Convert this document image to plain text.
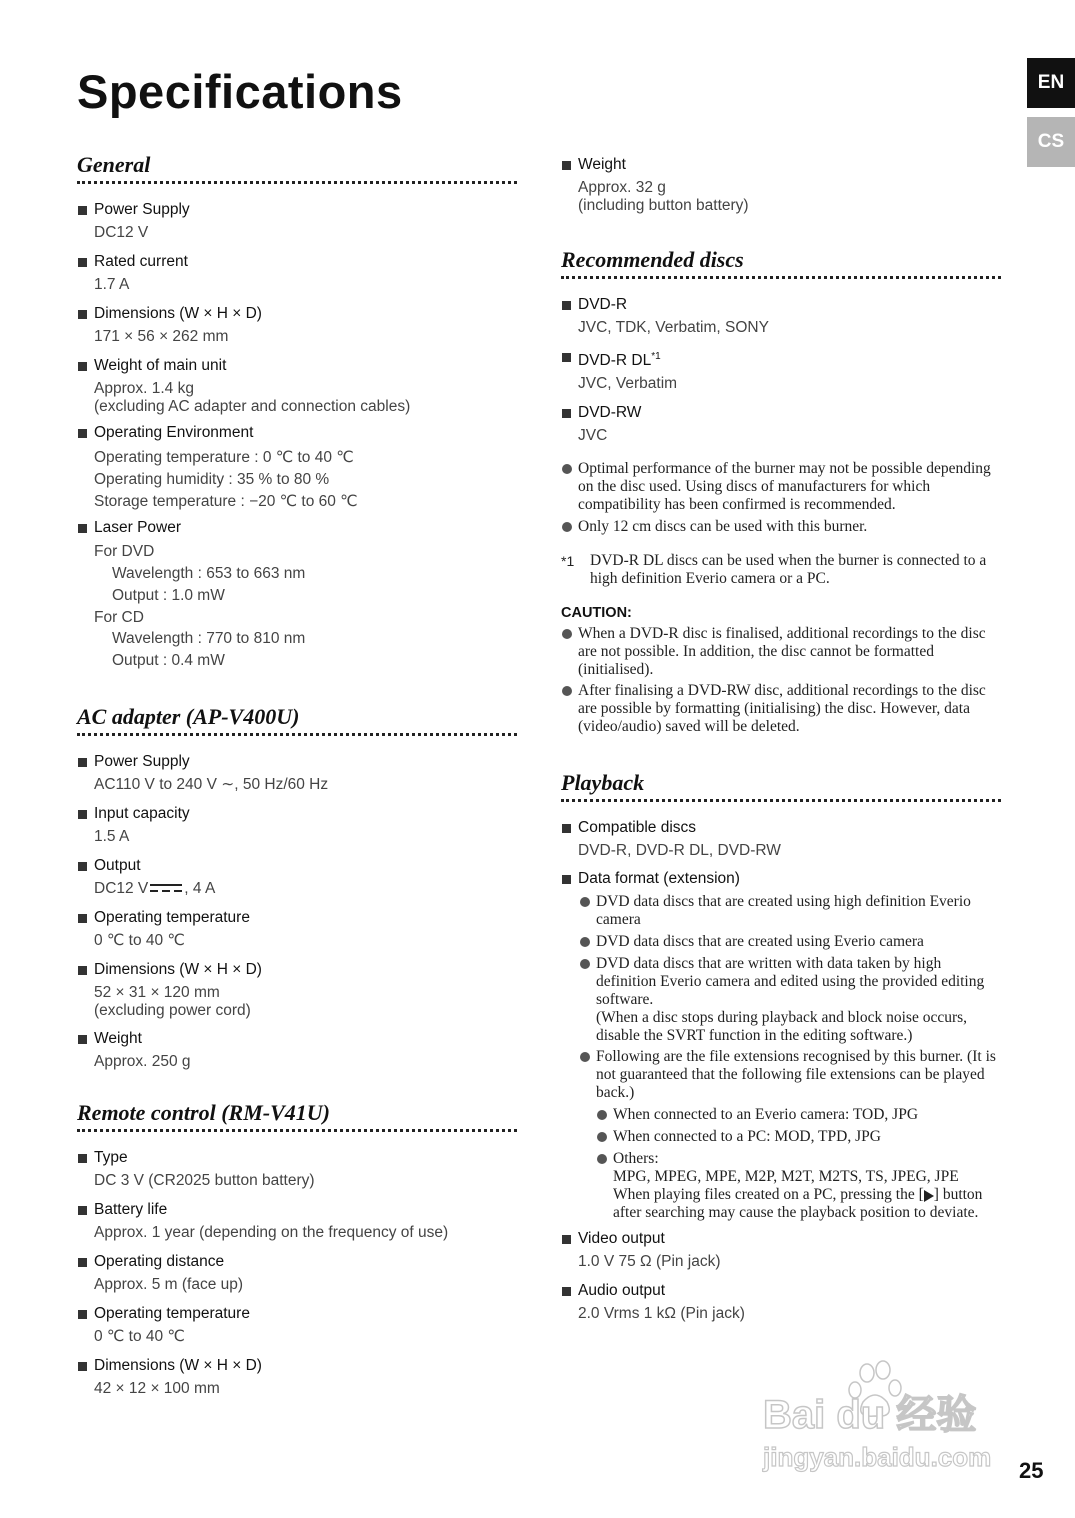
Specifications	EN
CS
General
Power Supply
DC12 V
Rated current
1.7 A
Dimensions (W × H × D)
171 × 56 × 262 mm
Weight of main unit
Approx. 1.4 kg
(excluding AC adapter and connection cables)
Operating Environment
Operating temperature : 0 ℃ to 40 ℃
Operating humidity : 35 % to 80 %
Storage temperature : −20 ℃ to 60 ℃
Laser Power
For DVD
Wavelength : 653 to 663 nm
Output : 1.0 mW
For CD
Wavelength : 770 to 810 nm
Output : 0.4 mW
AC adapter (AP-V400U)
Power Supply
AC110 V to 240 V ∼, 50 Hz/60 Hz
Input capacity
1.5 A
Output
DC12 V , 4 A
Operating temperature
0 ℃ to 40 ℃
Dimensions (W × H × D)
52 × 31 × 120 mm
(excluding power cord)
Weight
Approx. 250 g
Remote control (RM-V41U)
Type
DC 3 V (CR2025 button battery)
Battery life
Approx. 1 year (depending on the frequency of use)
Operating distance
Approx. 5 m (face up)
Operating temperature
0 ℃ to 40 ℃
Dimensions (W × H × D)
42 × 12 × 100 mm
Weight
Approx. 32 g
(including button battery)
Recommended discs
DVD-R
JVC, TDK, Verbatim, SONY
DVD-R DL$^{*1}$
JVC, Verbatim
DVD-RW
JVC
Optimal performance of the burner may not be possible depending on the disc used. Using discs of manufacturers for which compatibility has been confirmed is recommended.
Only 12 cm discs can be used with this burner.
*1 DVD-R DL discs can be used when the burner is connected to a high definition Everio camera or a PC.
CAUTION:
When a DVD-R disc is finalised, additional recordings to the disc are not possible. In addition, the disc cannot be formatted (initialised).
After finalising a DVD-RW disc, additional recordings to the disc are possible by formatting (initialising) the disc. However, data (video/audio) saved will be deleted.
Playback
Compatible discs
DVD-R, DVD-R DL, DVD-RW
Data format (extension)
DVD data discs that are created using high definition Everio camera
DVD data discs that are created using Everio camera
DVD data discs that are written with data taken by high definition Everio camera and edited using the provided editing software.
(When a disc stops during playback and block noise occurs, disable the SVRT function in the editing software.)
Following are the file extensions recognised by this burner. (It is not guaranteed that the following file extensions can be played back.)
When connected to an Everio camera: TOD, JPG
When connected to a PC: MOD, TPD, JPG
Others:
MPG, MPEG, MPE, M2P, M2T, M2TS, TS, JPEG, JPE
When playing files created on a PC, pressing the [ ] button after searching may cause the playback position to deviate.
Video output
1.0 V 75 Ω (Pin jack)
Audio output
2.0 Vrms 1 kΩ (Pin jack)
Bai du 经验
jingyan.baidu.com 25
